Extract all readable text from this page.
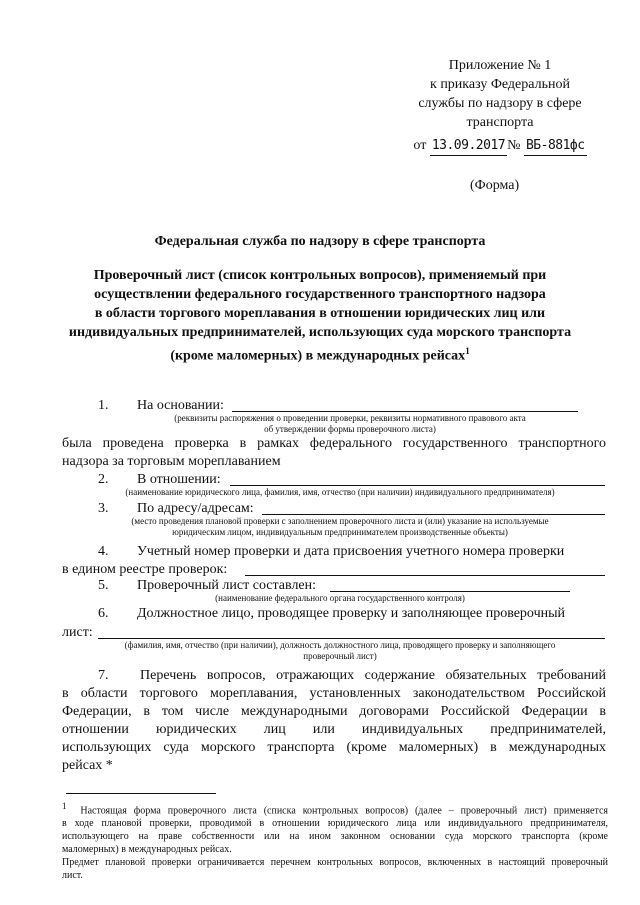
Приложение № 1
к приказу Федеральной
службы по надзору в сфере
транспорта
от 13.09.2017 № ВБ-881фс
(Форма)
Федеральная служба по надзору в сфере транспорта
Проверочный лист (список контрольных вопросов), применяемый при
осуществлении федерального государственного транспортного надзора
в области торгового мореплавания в отношении юридических лиц или
индивидуальных предпринимателей, использующих суда морского транспорта
(кроме маломерных) в международных рейсах$^1$
1. На основании:
(реквизиты распоряжения о проведении проверки, реквизиты нормативного правового акта
об утверждении формы проверочного листа)
была проведена проверка в рамках федерального государственного транспортного
надзора за торговым мореплаванием
2. В отношении:
(наименование юридического лица, фамилия, имя, отчество (при наличии) индивидуального предпринимателя)
3. По адресу/адресам:
(место проведения плановой проверки с заполнением проверочного листа и (или) указание на используемые
юридическим лицом, индивидуальным предпринимателем производственные объекты)
4. Учетный номер проверки и дата присвоения учетного номера проверки
в едином реестре проверок:
5. Проверочный лист составлен:
(наименование федерального органа государственного контроля)
6. Должностное лицо, проводящее проверку и заполняющее проверочный
лист:
(фамилия, имя, отчество (при наличии), должность должностного лица, проводящего проверку и заполняющего
проверочный лист)
7. Перечень вопросов, отражающих содержание обязательных требований
в области торгового мореплавания, установленных законодательством Российской
Федерации, в том числе международными договорами Российской Федерации в
отношении юридических лиц или индивидуальных предпринимателей,
использующих суда морского транспорта (кроме маломерных) в международных
рейсах *
1 Настоящая форма проверочного листа (списка контрольных вопросов) (далее – проверочный лист) применяется
в ходе плановой проверки, проводимой в отношении юридического лица или индивидуального предпринимателя,
использующего на праве собственности или на ином законном основании суда морского транспорта (кроме
маломерных) в международных рейсах.
Предмет плановой проверки ограничивается перечнем контрольных вопросов, включенных в настоящий проверочный
лист.
